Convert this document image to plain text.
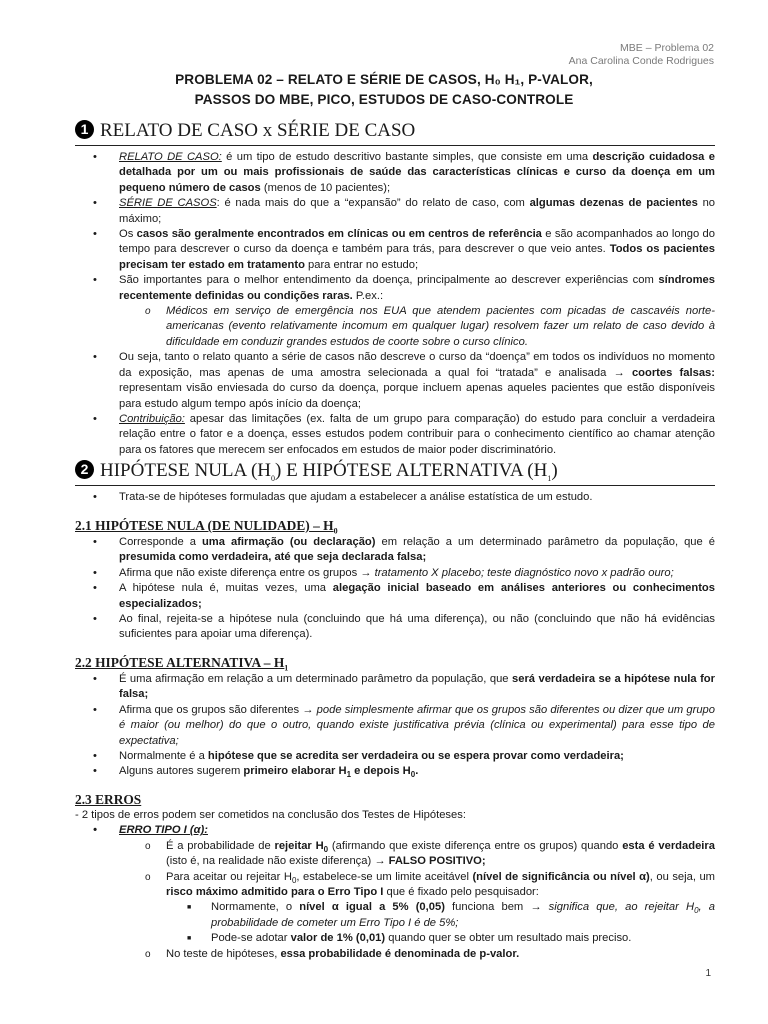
MBE – Problema 02
Ana Carolina Conde Rodrigues
PROBLEMA 02 – RELATO E SÉRIE DE CASOS, H₀ H₁, P-VALOR,
PASSOS DO MBE, PICO, ESTUDOS DE CASO-CONTROLE
1 RELATO DE CASO x SÉRIE DE CASO
• RELATO DE CASO: é um tipo de estudo descritivo bastante simples, que consiste em uma descrição cuidadosa e detalhada por um ou mais profissionais de saúde das características clínicas e curso da doença em um pequeno número de casos (menos de 10 pacientes);
• SÉRIE DE CASOS: é nada mais do que a “expansão” do relato de caso, com algumas dezenas de pacientes no máximo;
• Os casos são geralmente encontrados em clínicas ou em centros de referência e são acompanhados ao longo do tempo para descrever o curso da doença e também para trás, para descrever o que veio antes. Todos os pacientes precisam ter estado em tratamento para entrar no estudo;
• São importantes para o melhor entendimento da doença, principalmente ao descrever experiências com síndromes recentemente definidas ou condições raras. P.ex.:
o Médicos em serviço de emergência nos EUA que atendem pacientes com picadas de cascavéis norte-americanas (evento relativamente incomum em qualquer lugar) resolvem fazer um relato de caso devido à dificuldade em conduzir grandes estudos de coorte sobre o curso clínico.
• Ou seja, tanto o relato quanto a série de casos não descreve o curso da “doença” em todos os indivíduos no momento da exposição, mas apenas de uma amostra selecionada a qual foi “tratada” e analisada → coortes falsas: representam visão enviesada do curso da doença, porque incluem apenas aqueles pacientes que estão disponíveis para estudo algum tempo após início da doença;
• Contribuição: apesar das limitações (ex. falta de um grupo para comparação) do estudo para concluir a verdadeira relação entre o fator e a doença, esses estudos podem contribuir para o conhecimento científico ao chamar atenção para os fatores que merecem ser enfocados em estudos de maior poder discriminatório.
2 HIPÓTESE NULA $(H_0)$ E HIPÓTESE ALTERNATIVA $(H_1)$
• Trata-se de hipóteses formuladas que ajudam a estabelecer a análise estatística de um estudo.
2.1 HIPÓTESE NULA (DE NULIDADE) – $H_0$
• Corresponde a uma afirmação (ou declaração) em relação a um determinado parâmetro da população, que é presumida como verdadeira, até que seja declarada falsa;
• Afirma que não existe diferença entre os grupos → tratamento X placebo; teste diagnóstico novo x padrão ouro;
• A hipótese nula é, muitas vezes, uma alegação inicial baseado em análises anteriores ou conhecimentos especializados;
• Ao final, rejeita-se a hipótese nula (concluindo que há uma diferença), ou não (concluindo que não há evidências suficientes para apoiar uma diferença).
2.2 HIPÓTESE ALTERNATIVA – $H_1$
• É uma afirmação em relação a um determinado parâmetro da população, que será verdadeira se a hipótese nula for falsa;
• Afirma que os grupos são diferentes → pode simplesmente afirmar que os grupos são diferentes ou dizer que um grupo é maior (ou melhor) do que o outro, quando existe justificativa prévia (clínica ou experimental) para esse tipo de expectativa;
• Normalmente é a hipótese que se acredita ser verdadeira ou se espera provar como verdadeira;
• Alguns autores sugerem primeiro elaborar $H_1$ e depois $H_0$.
2.3 ERROS
- 2 tipos de erros podem ser cometidos na conclusão dos Testes de Hipóteses:
• ERRO TIPO I (α):
o É a probabilidade de rejeitar $H_0$ (afirmando que existe diferença entre os grupos) quando esta é verdadeira (isto é, na realidade não existe diferença) → FALSO POSITIVO;
o Para aceitar ou rejeitar $H_0$, estabelece-se um limite aceitável (nível de significância ou nível α), ou seja, um risco máximo admitido para o Erro Tipo I que é fixado pelo pesquisador:
■ Normamente, o nível α igual a 5% (0,05) funciona bem → significa que, ao rejeitar $H_0$, a probabilidade de cometer um Erro Tipo I é de 5%;
■ Pode-se adotar valor de 1% (0,01) quando quer se obter um resultado mais preciso.
o No teste de hipóteses, essa probabilidade é denominada de p-valor.
1
